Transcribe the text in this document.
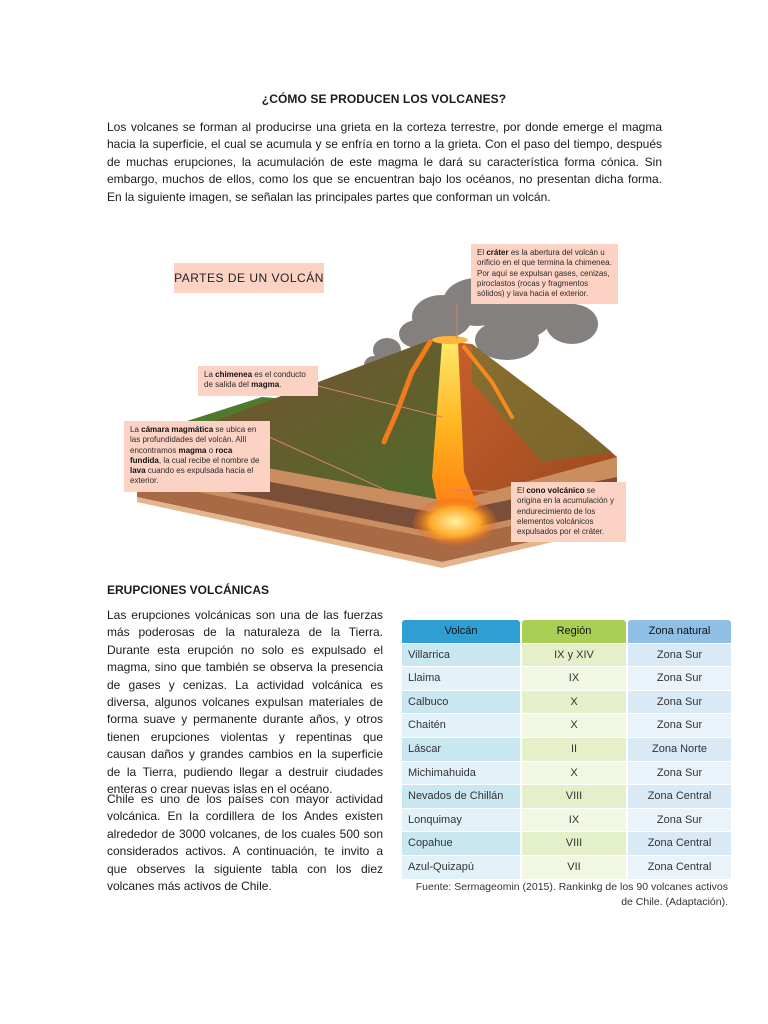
¿CÓMO SE PRODUCEN LOS VOLCANES?

Los volcanes se forman al producirse una grieta en la corteza terrestre, por donde emerge el magma hacia la superficie, el cual se acumula y se enfría en torno a la grieta. Con el paso del tiempo, después de muchas erupciones, la acumulación de este magma le dará su característica forma cónica. Sin embargo, muchos de ellos, como los que se encuentran bajo los océanos, no presentan dicha forma. En la siguiente imagen, se señalan las principales partes que conforman un volcán.

PARTES DE UN VOLCÁN
El cráter es la abertura del volcán u orificio en el que termina la chimenea. Por aquí se expulsan gases, cenizas, piroclastos (rocas y fragmentos sólidos) y lava hacia el exterior.
La chimenea es el conducto de salida del magma.
La cámara magmática se ubica en las profundidades del volcán. Allí encontramos magma o roca fundida, la cual recibe el nombre de lava cuando es expulsada hacia el exterior.
El cono volcánico se origina en la acumulación y endurecimiento de los elementos volcánicos expulsados por el cráter.
ERUPCIONES VOLCÁNICAS

Las erupciones volcánicas son una de las fuerzas más poderosas de la naturaleza de la Tierra. Durante esta erupción no solo es expulsado el magma, sino que también se observa la presencia de gases y cenizas. La actividad volcánica es diversa, algunos volcanes expulsan materiales de forma suave y permanente durante años, y otros tienen erupciones violentas y repentinas que causan daños y grandes cambios en la superficie de la Tierra, pudiendo llegar a destruir ciudades enteras o crear nuevas islas en el océano.

Chile es uno de los países con mayor actividad volcánica. En la cordillera de los Andes existen alrededor de 3000 volcanes, de los cuales 500 son considerados activos. A continuación, te invito a que observes la siguiente tabla con los diez volcanes más activos de Chile.

Volcán	Región	Zona natural
Villarrica	IX y XIV	Zona Sur
Llaima	IX	Zona Sur
Calbuco	X	Zona Sur
Chaitén	X	Zona Sur
Láscar	II	Zona Norte
Michimahuida	X	Zona Sur
Nevados de Chillán	VIII	Zona Central
Lonquimay	IX	Zona Sur
Copahue	VIII	Zona Central
Azul-Quizapú	VII	Zona Central
Fuente: Sermageomin (2015). Rankinkg de los 90 volcanes activos de Chile. (Adaptación).
